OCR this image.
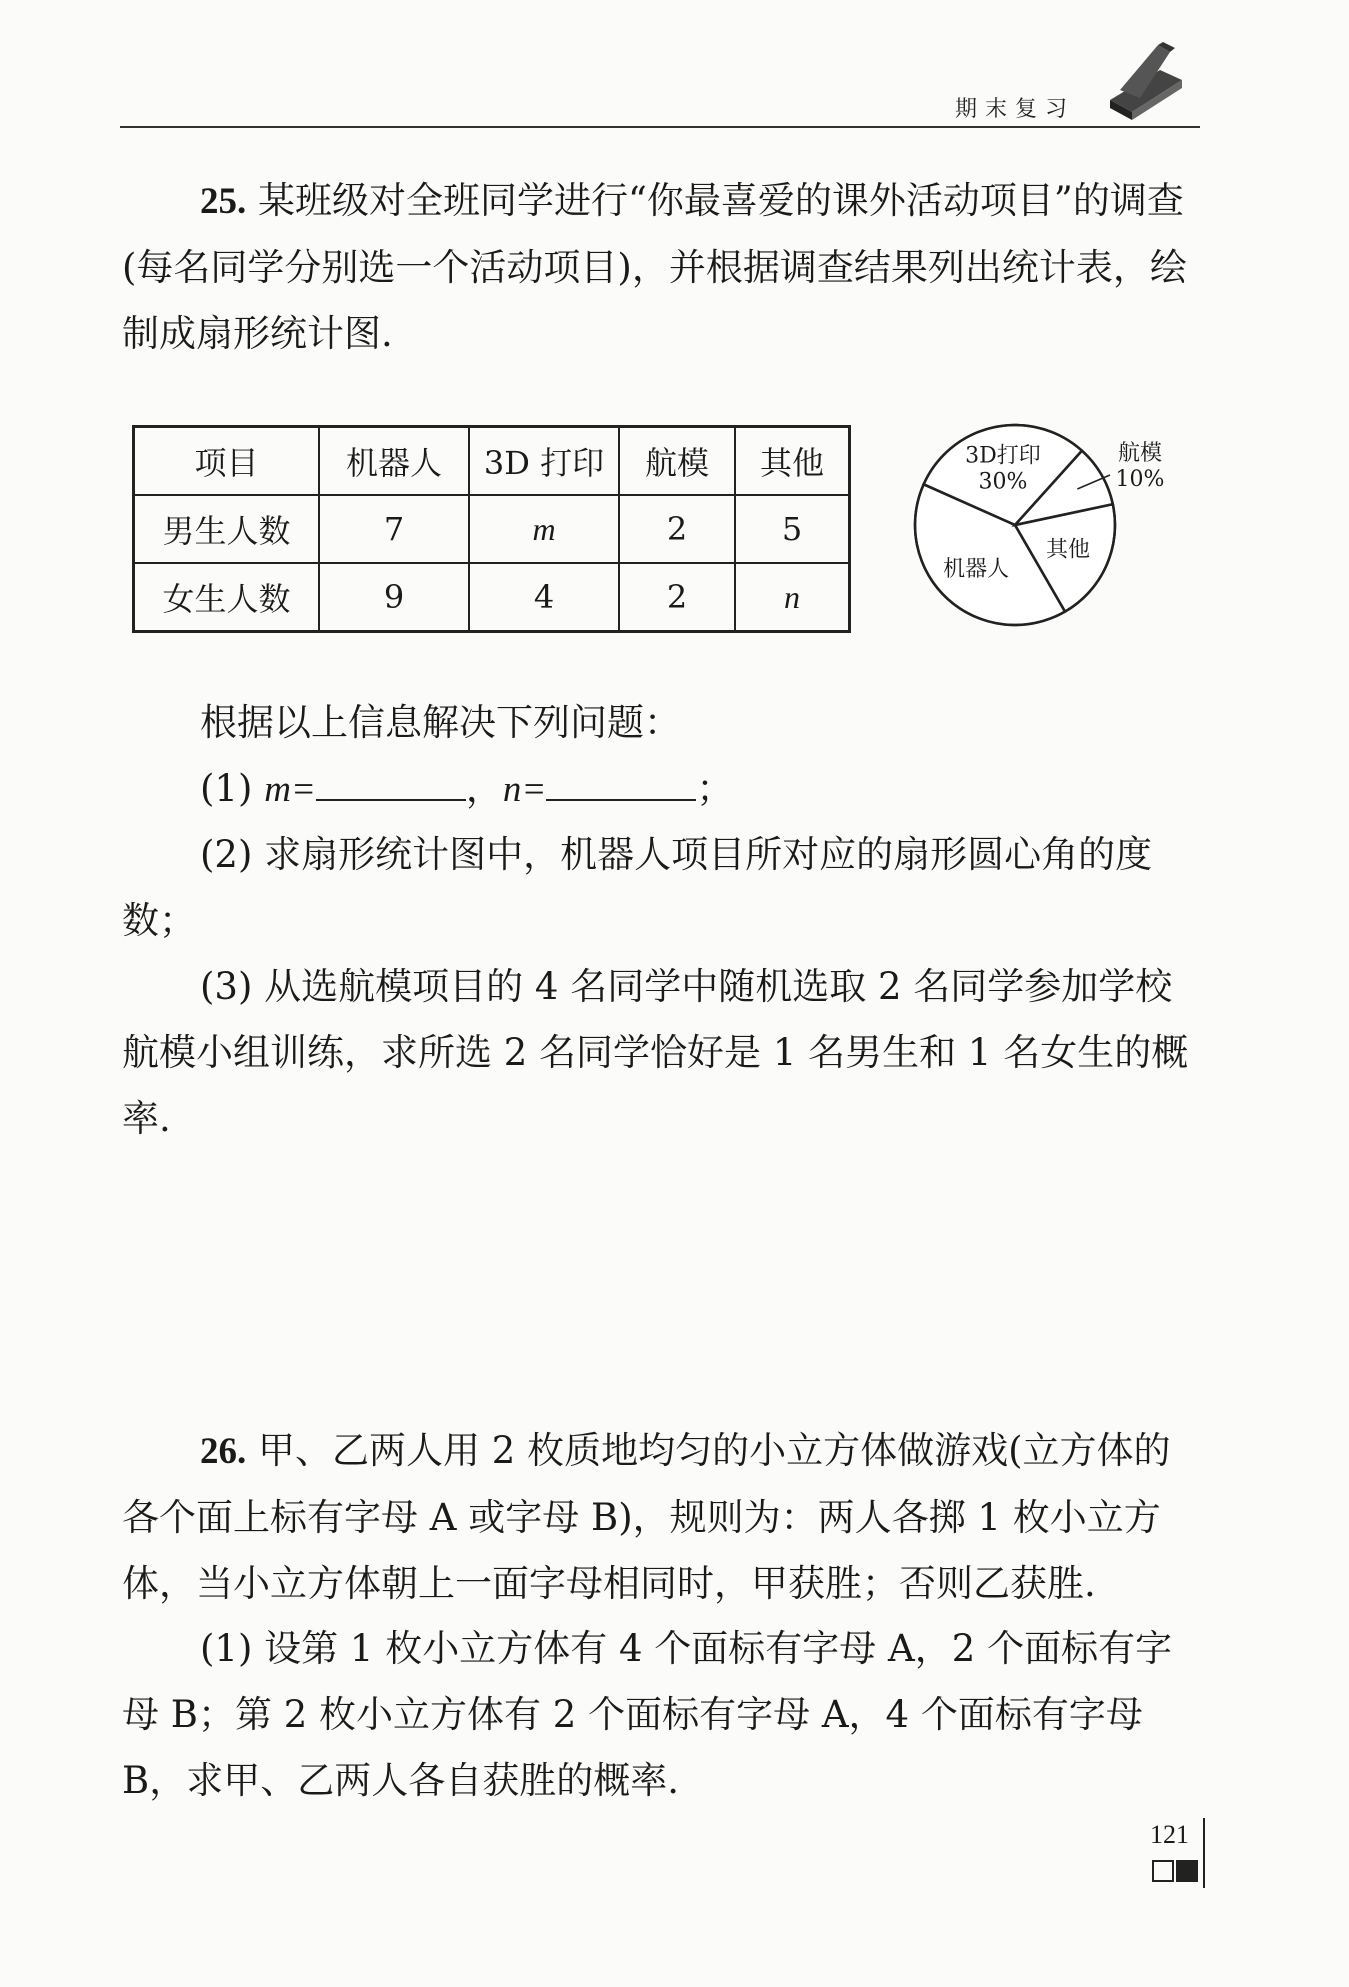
期末复习

25. 某班级对全班同学进行“你最喜爱的课外活动项目”的调查(每名同学分别选一个活动项目)，并根据调查结果列出统计表，绘制成扇形统计图.

项目	机器人	3D 打印	航模	其他
男生人数	7	m	2	5
女生人数	9	4	2	n
3D打印
30%
航模
10%
其他
机器人

根据以上信息解决下列问题：

(1) m=	，n=	；

(2) 求扇形统计图中，机器人项目所对应的扇形圆心角的度数；

(3) 从选航模项目的 4 名同学中随机选取 2 名同学参加学校航模小组训练，求所选 2 名同学恰好是 1 名男生和 1 名女生的概率.

26. 甲、乙两人用 2 枚质地均匀的小立方体做游戏(立方体的各个面上标有字母 A 或字母 B)，规则为：两人各掷 1 枚小立方体，当小立方体朝上一面字母相同时，甲获胜；否则乙获胜.

(1) 设第 1 枚小立方体有 4 个面标有字母 A，2 个面标有字母 B；第 2 枚小立方体有 2 个面标有字母 A，4 个面标有字母 B，求甲、乙两人各自获胜的概率.

121
